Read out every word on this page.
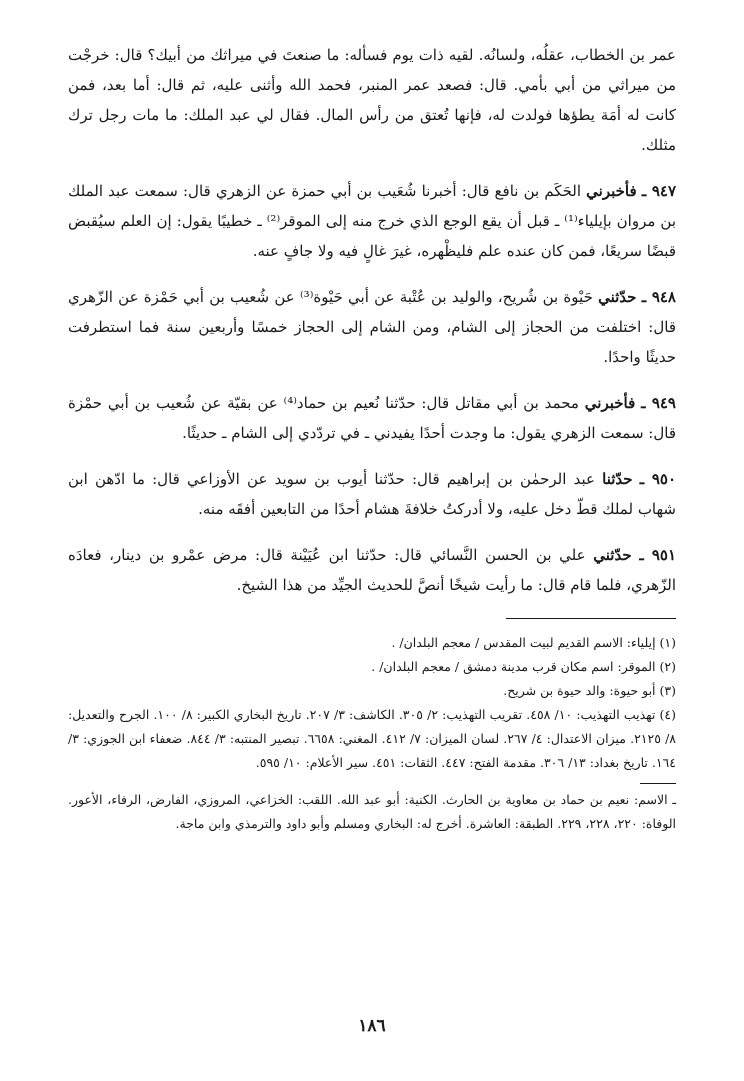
عمر بن الخطاب، عقلُه، ولسانُه. لقيه ذات يوم فسأله: ما صنعتَ في ميراثك من أبيك؟ قال: خرجْت من ميراثي من أبي بأمي. قال: فصعد عمر المنبر، فحمد الله وأثنى عليه، ثم قال: أما بعد، فمن كانت له أمَة يطؤها فولدت له، فإنها تُعتق من رأس المال. فقال لي عبد الملك: ما مات رجل ترك مثلك.

٩٤٧ ـ فأخبرني الحَكَم بن نافع قال: أخبرنا شُعَيب بن أبي حمزة عن الزهري قال: سمعت عبد الملك بن مروان بإيلياء⁽¹⁾ ـ قبل أن يقع الوجع الذي خرج منه إلى الموقر⁽²⁾ ـ خطيبًا يقول: إن العلم سيُقبض قبضًا سريعًا، فمن كان عنده علم فليظْهره، غيرَ غالٍ فيه ولا جافٍ عنه.

٩٤٨ ـ حدّثني حَيْوة بن شُريح، والوليد بن عُتْبة عن أبي حَيْوة⁽³⁾ عن شُعيب بن أبي حَمْزة عن الزّهري قال: اختلفت من الحجاز إلى الشام، ومن الشام إلى الحجاز خمسًا وأربعين سنة فما استطرفت حديثًا واحدًا.

٩٤٩ ـ فأخبرني محمد بن أبي مقاتل قال: حدّثنا نُعيم بن حماد⁽⁴⁾ عن بقيّة عن شُعيب بن أبي حمْزة قال: سمعت الزهري يقول: ما وجدت أحدًا يفيدني ـ في تردّدي إلى الشام ـ حديثًا.

٩٥٠ ـ حدّثنا عبد الرحمٰن بن إبراهيم قال: حدّثنا أيوب بن سويد عن الأوزاعي قال: ما ادّهن ابن شهاب لملك قطّ دخل عليه، ولا أدركتُ خلافةَ هشام أحدًا من التابعين أفقَه منه.

٩٥١ ـ حدّثني علي بن الحسن النَّسائي قال: حدّثنا ابن عُيَيْنة قال: مرض عمْرو بن دينار، فعادَه الزّهري، فلما قام قال: ما رأيت شيخًا أنصَّ للحديث الجيِّد من هذا الشيخ.

(١) إيلياء: الاسم القديم لبيت المقدس / معجم البلدان/ .

(٢) الموقر: اسم مكان قرب مدينة دمشق / معجم البلدان/ .

(٣) أبو حيوة: والد حيوة بن شريح.

(٤) تهذيب التهذيب: ١٠/ ٤٥٨. تقريب التهذيب: ٢/ ٣٠٥. الكاشف: ٣/ ٢٠٧. تاريخ البخاري الكبير: ٨/ ١٠٠. الجرح والتعديل: ٨/ ٢١٢٥. ميزان الاعتدال: ٤/ ٢٦٧. لسان الميزان: ٧/ ٤١٢. المغني: ٦٦٥٨. تبصير المنتبه: ٣/ ٨٤٤. ضعفاء ابن الجوزي: ٣/ ١٦٤. تاريخ بغداد: ١٣/ ٣٠٦. مقدمة الفتح: ٤٤٧. الثقات: ٤٥١. سير الأعلام: ١٠/ ٥٩٥.

ـ الاسم: نعيم بن حماد بن معاوية بن الحارث. الكنية: أبو عبد الله. اللقب: الخزاعي، المروزي، الفارض، الرفاء، الأعور. الوفاة: ٢٢٠، ٢٢٨، ٢٢٩. الطبقة: العاشرة. أخرج له: البخاري ومسلم وأبو داود والترمذي وابن ماجة.

١٨٦
